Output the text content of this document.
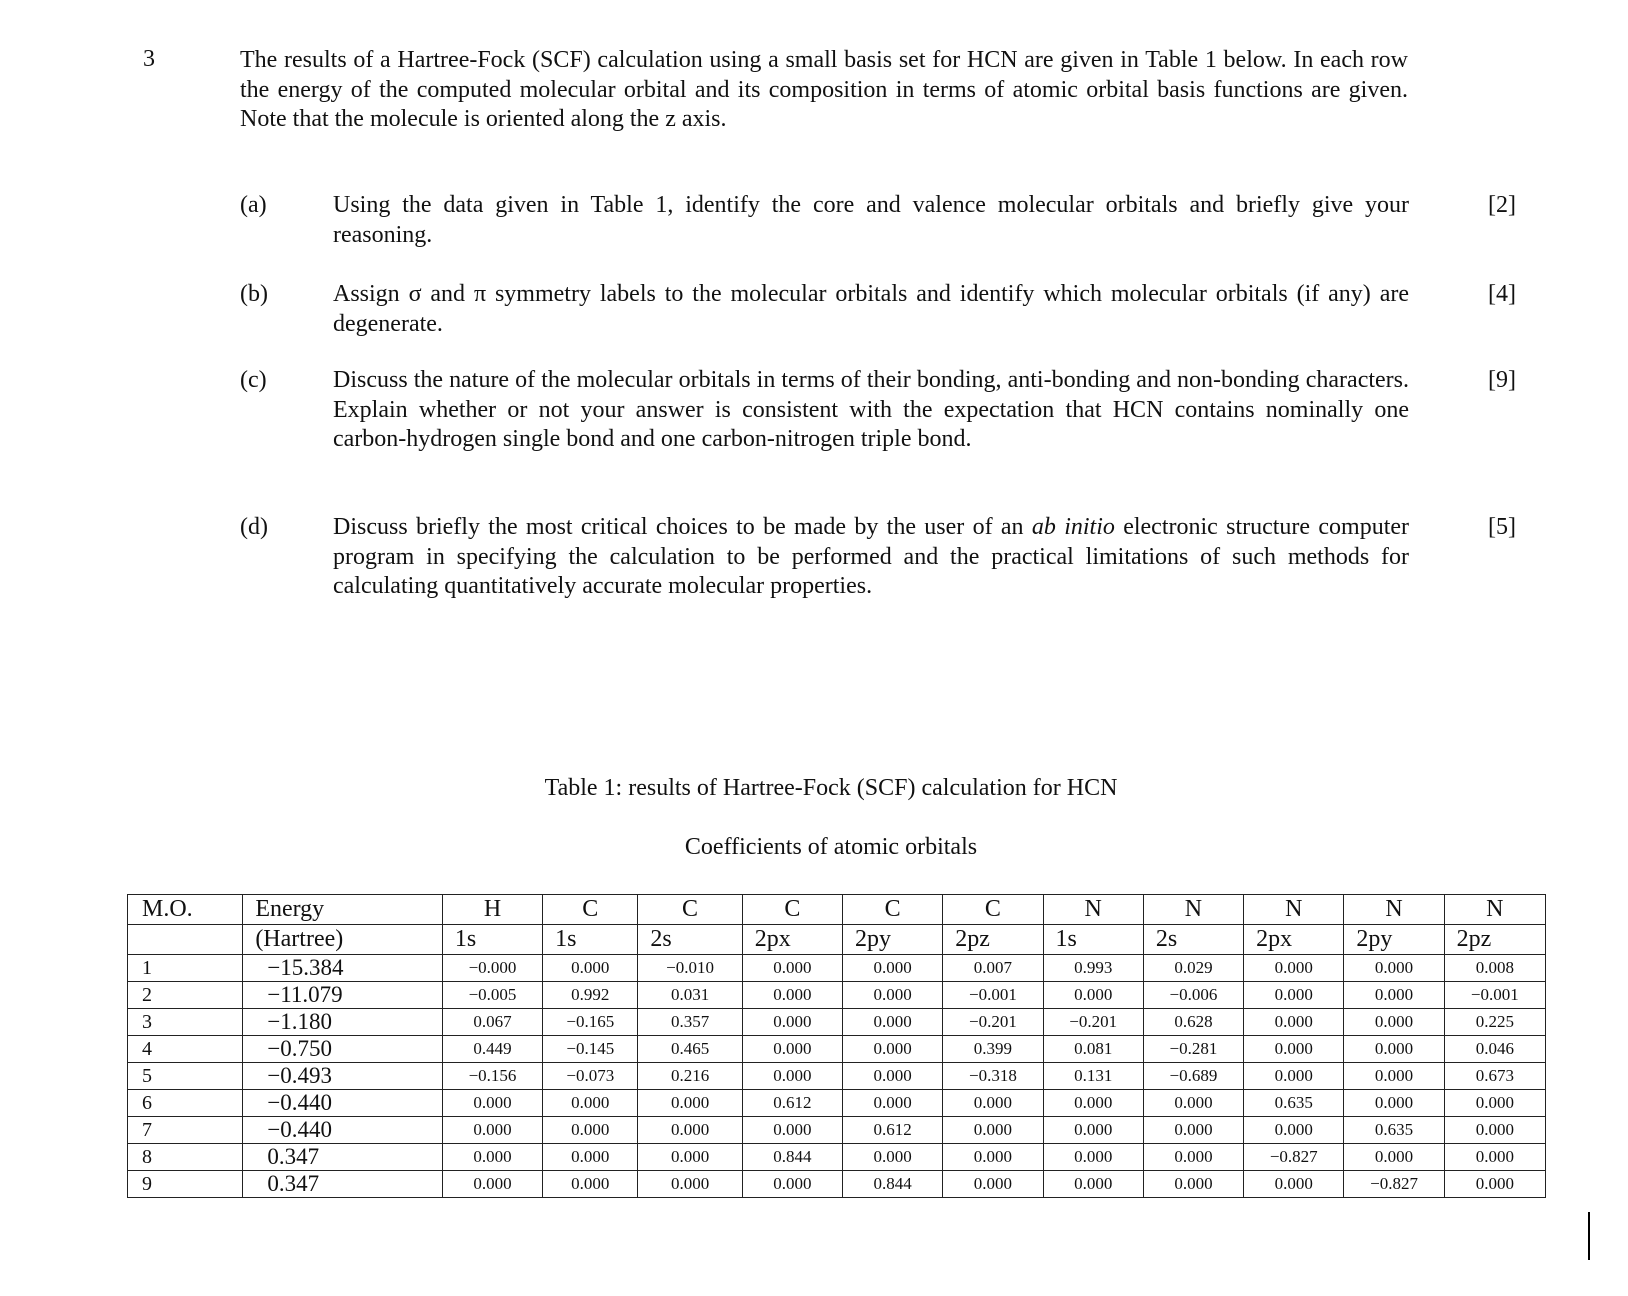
3	The results of a Hartree-Fock (SCF) calculation using a small basis set for HCN are given in Table 1 below. In each row the energy of the computed molecular orbital and its composition in terms of atomic orbital basis functions are given. Note that the molecule is oriented along the z axis.
(a)	Using the data given in Table 1, identify the core and valence molecular orbitals and briefly give your reasoning.
[2]
(b)	Assign σ and π symmetry labels to the molecular orbitals and identify which molecular orbitals (if any) are degenerate.
[4]
(c)	Discuss the nature of the molecular orbitals in terms of their bonding, anti-bonding and non-bonding characters. Explain whether or not your answer is consistent with the expectation that HCN contains nominally one carbon-hydrogen single bond and one carbon-nitrogen triple bond.
[9]
(d)	Discuss briefly the most critical choices to be made by the user of an ab initio electronic structure computer program in specifying the calculation to be performed and the practical limitations of such methods for calculating quantitatively accurate molecular properties.
[5]
Table 1: results of Hartree-Fock (SCF) calculation for HCN
Coefficients of atomic orbitals
M.O.	Energy	H	C	C	C	C	C	N	N	N	N	N
	(Hartree)	1s	1s	2s	2px	2py	2pz	1s	2s	2px	2py	2pz
1	−15.384	−0.000	0.000	−0.010	0.000	0.000	0.007	0.993	0.029	0.000	0.000	0.008
2	−11.079	−0.005	0.992	0.031	0.000	0.000	−0.001	0.000	−0.006	0.000	0.000	−0.001
3	−1.180	0.067	−0.165	0.357	0.000	0.000	−0.201	−0.201	0.628	0.000	0.000	0.225
4	−0.750	0.449	−0.145	0.465	0.000	0.000	0.399	0.081	−0.281	0.000	0.000	0.046
5	−0.493	−0.156	−0.073	0.216	0.000	0.000	−0.318	0.131	−0.689	0.000	0.000	0.673
6	−0.440	0.000	0.000	0.000	0.612	0.000	0.000	0.000	0.000	0.635	0.000	0.000
7	−0.440	0.000	0.000	0.000	0.000	0.612	0.000	0.000	0.000	0.000	0.635	0.000
8	0.347	0.000	0.000	0.000	0.844	0.000	0.000	0.000	0.000	−0.827	0.000	0.000
9	0.347	0.000	0.000	0.000	0.000	0.844	0.000	0.000	0.000	0.000	−0.827	0.000
